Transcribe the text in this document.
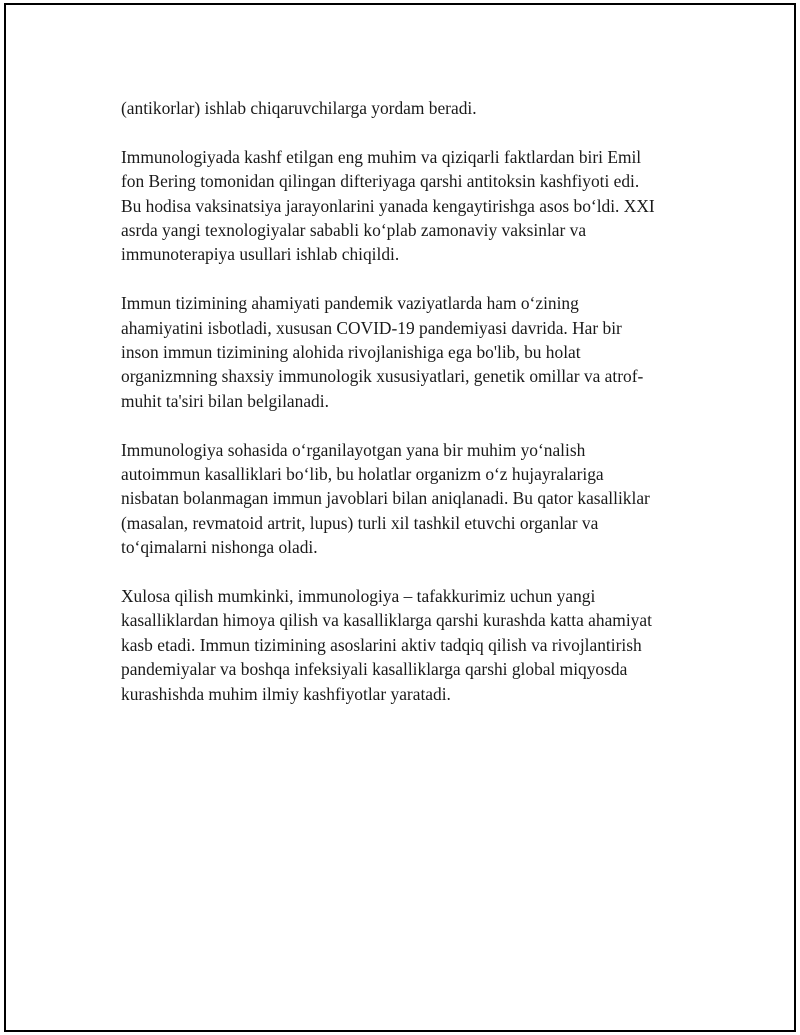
(antikorlar) ishlab chiqaruvchilarga yordam beradi.

Immunologiyada kashf etilgan eng muhim va qiziqarli faktlardan biri Emil
fon Bering tomonidan qilingan difteriyaga qarshi antitoksin kashfiyoti edi.
Bu hodisa vaksinatsiya jarayonlarini yanada kengaytirishga asos bo‘ldi. XXI
asrda yangi texnologiyalar sababli ko‘plab zamonaviy vaksinlar va
immunoterapiya usullari ishlab chiqildi.

Immun tizimining ahamiyati pandemik vaziyatlarda ham o‘zining
ahamiyatini isbotladi, xususan COVID-19 pandemiyasi davrida. Har bir
inson immun tizimining alohida rivojlanishiga ega bo'lib, bu holat
organizmning shaxsiy immunologik xususiyatlari, genetik omillar va atrof-
muhit ta'siri bilan belgilanadi.

Immunologiya sohasida o‘rganilayotgan yana bir muhim yo‘nalish
autoimmun kasalliklari bo‘lib, bu holatlar organizm o‘z hujayralariga
nisbatan bolanmagan immun javoblari bilan aniqlanadi. Bu qator kasalliklar
(masalan, revmatoid artrit, lupus) turli xil tashkil etuvchi organlar va
to‘qimalarni nishonga oladi.

Xulosa qilish mumkinki, immunologiya – tafakkurimiz uchun yangi
kasalliklardan himoya qilish va kasalliklarga qarshi kurashda katta ahamiyat
kasb etadi. Immun tizimining asoslarini aktiv tadqiq qilish va rivojlantirish
pandemiyalar va boshqa infeksiyali kasalliklarga qarshi global miqyosda
kurashishda muhim ilmiy kashfiyotlar yaratadi.
